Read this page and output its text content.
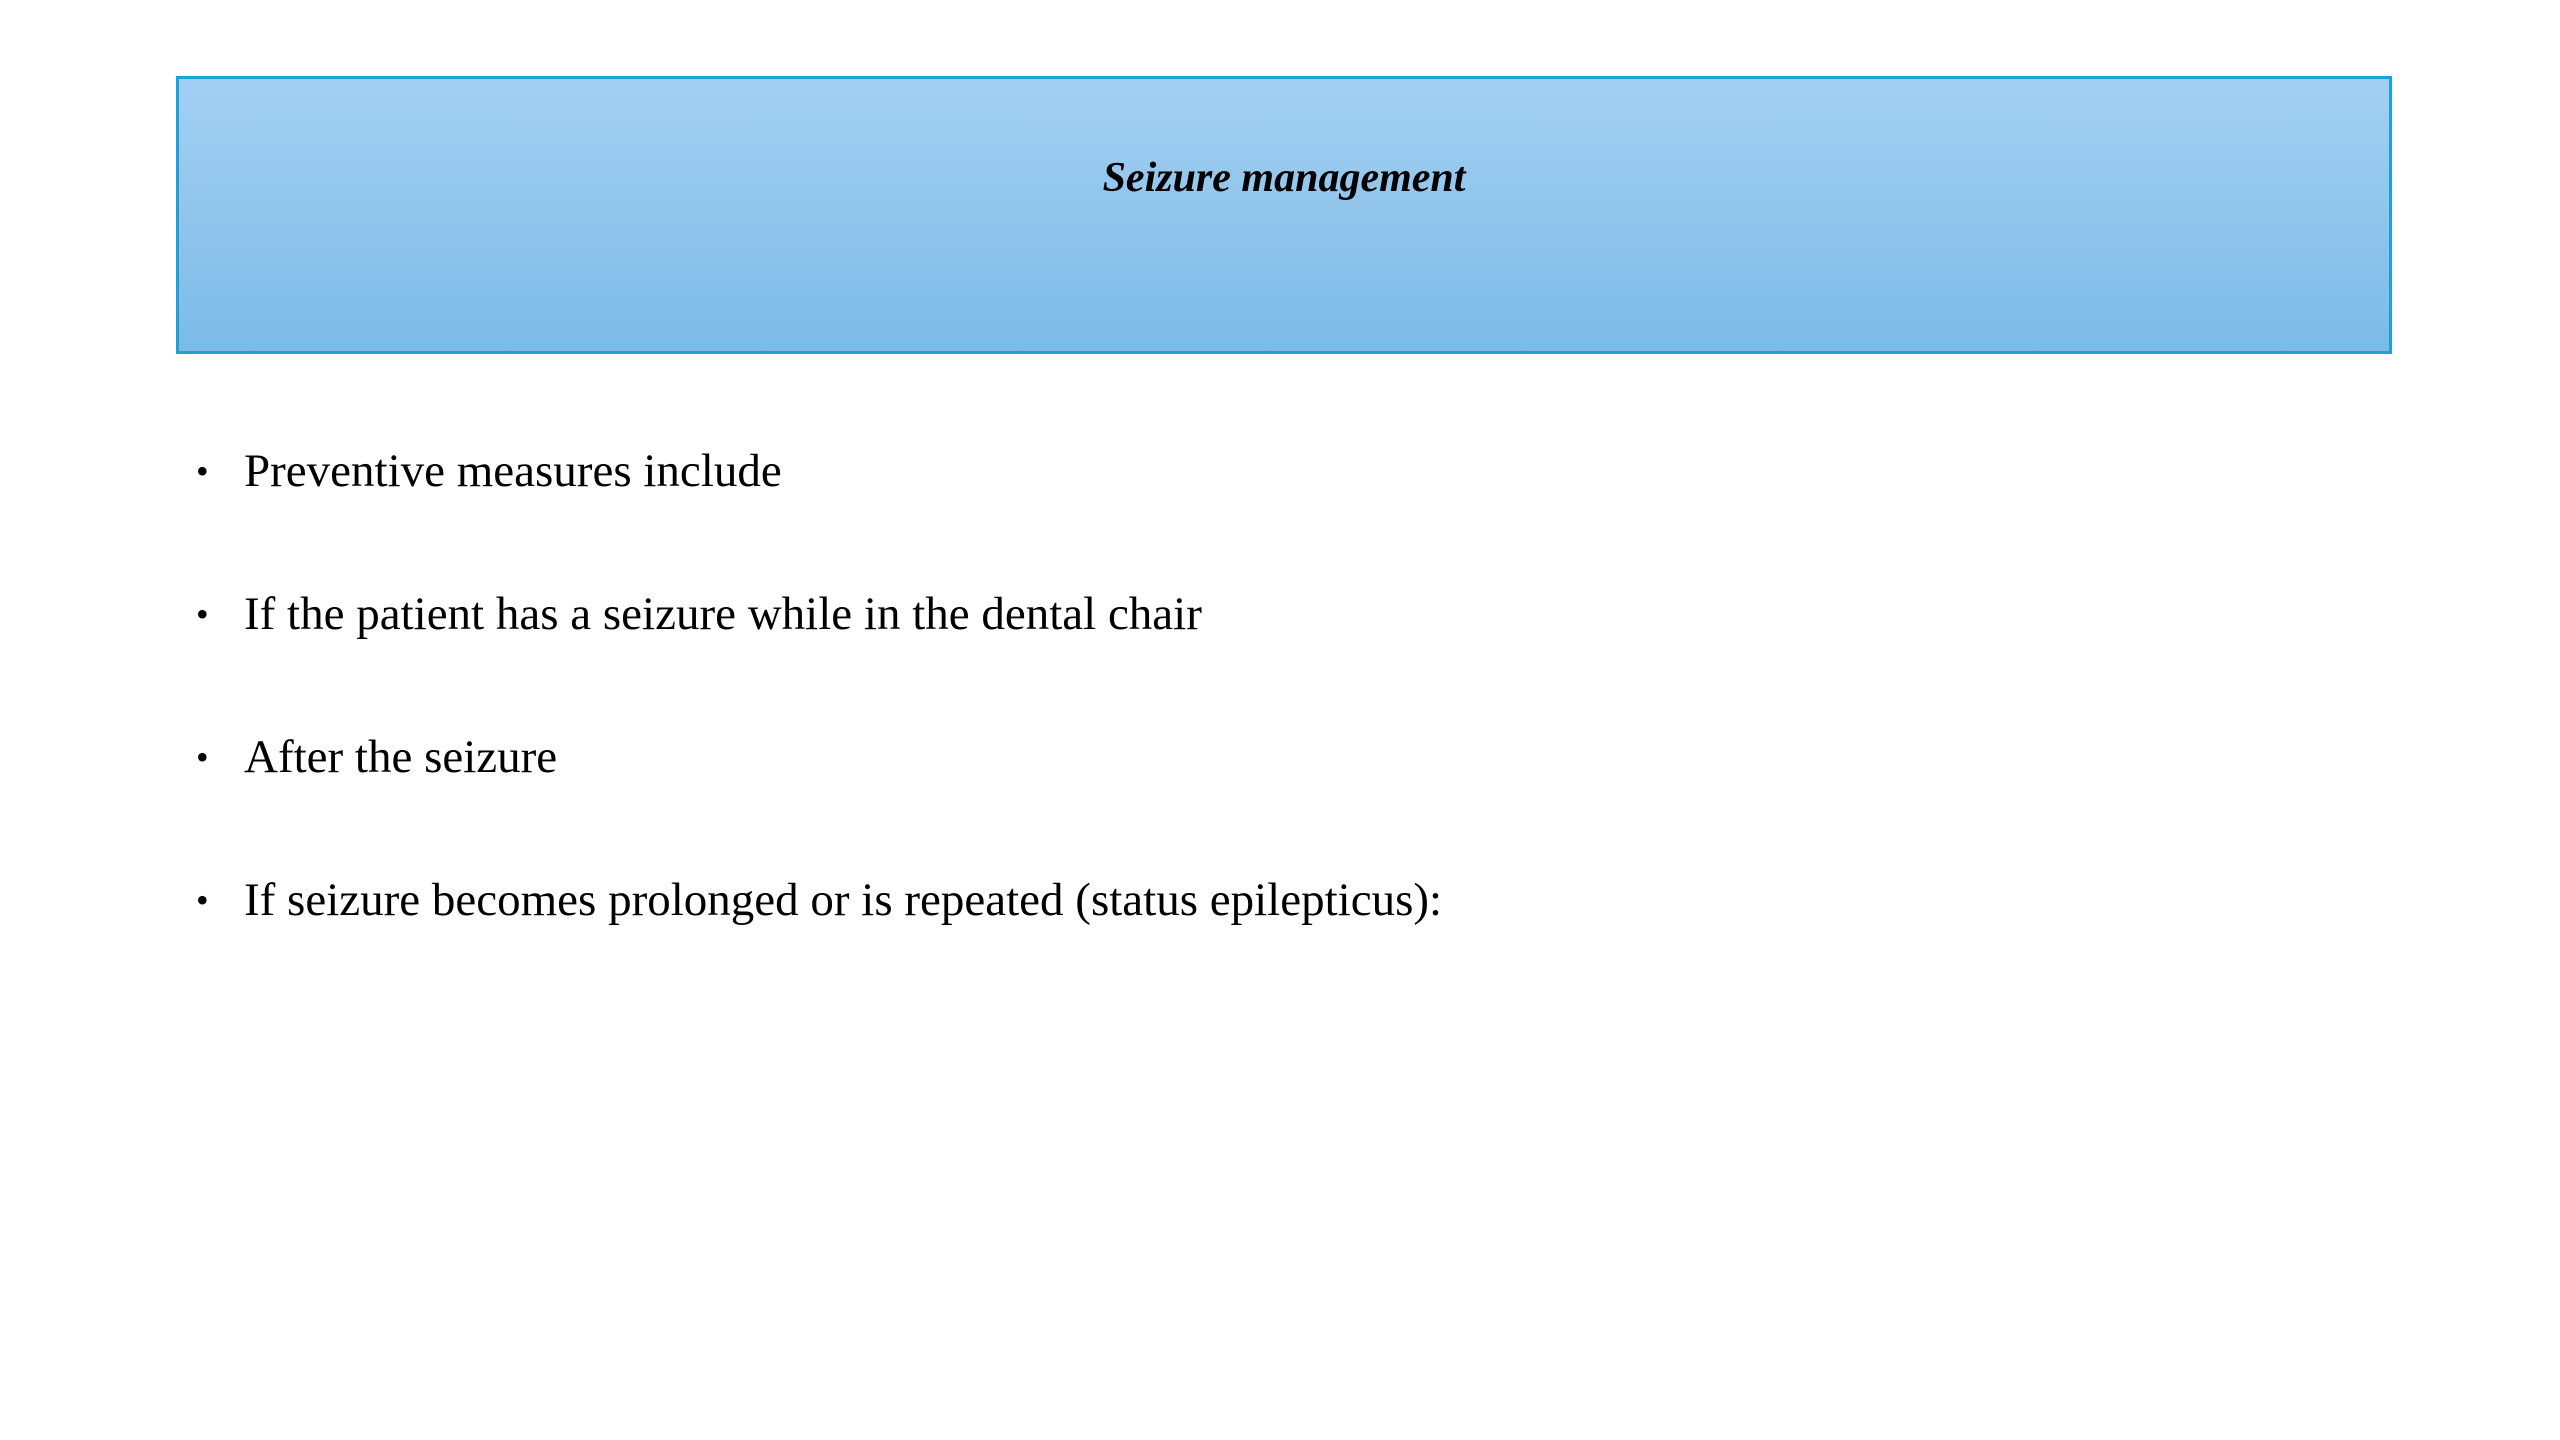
Seizure management
• Preventive measures include
• If the patient has a seizure while in the dental chair
• After the seizure
• If seizure becomes prolonged or is repeated (status epilepticus):
